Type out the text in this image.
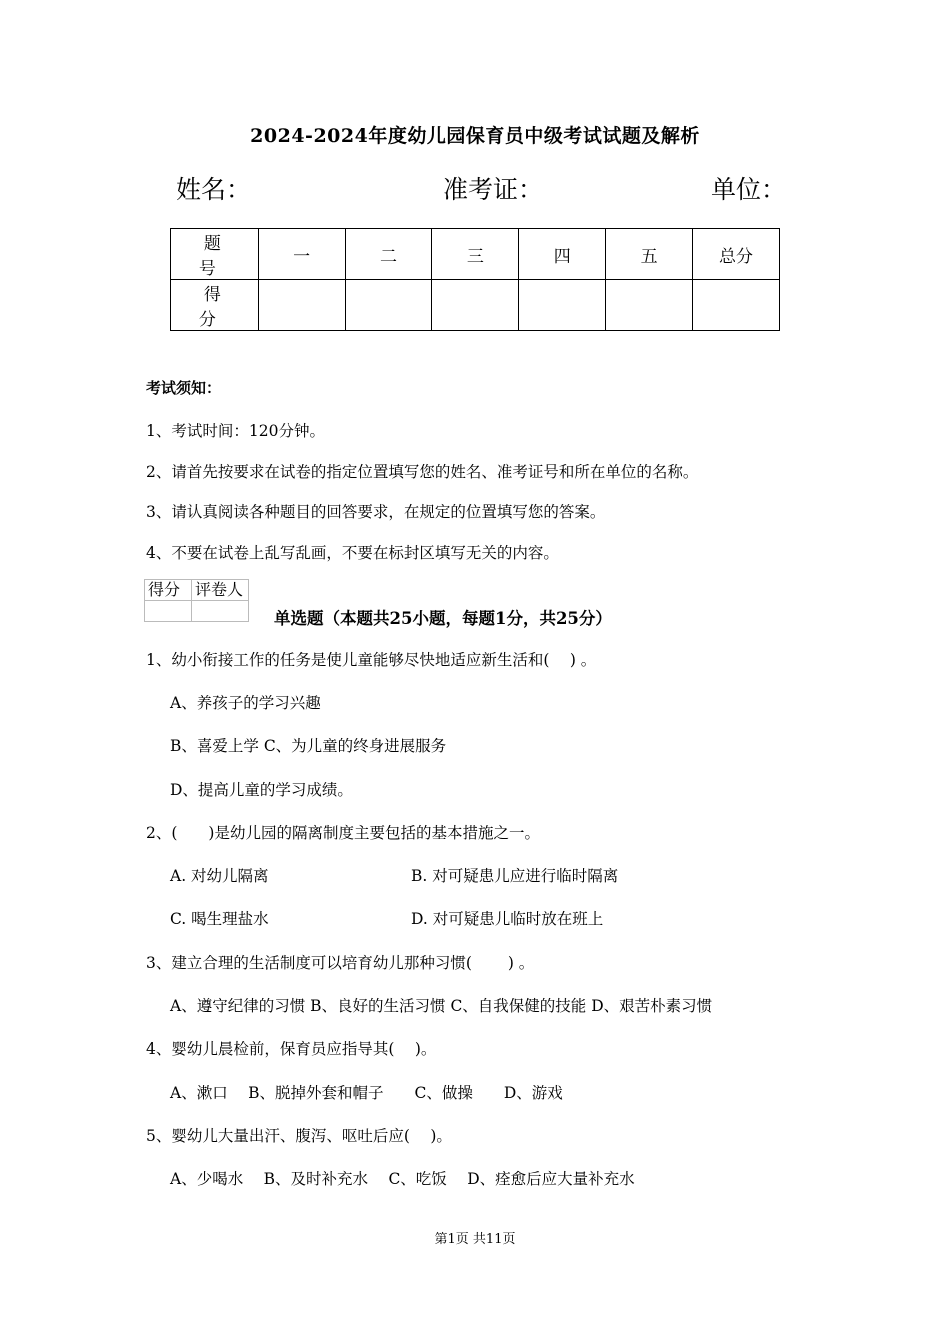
2024-2024年度幼儿园保育员中级考试试题及解析
姓名：	准考证：	单位：
题　号	一	二	三	四	五	总分
得　分						
考试须知：
1、考试时间：120分钟。
2、请首先按要求在试卷的指定位置填写您的姓名、准考证号和所在单位的名称。
3、请认真阅读各种题目的回答要求，在规定的位置填写您的答案。
4、不要在试卷上乱写乱画，不要在标封区填写无关的内容。
得分	评卷人

单选题（本题共25小题，每题1分，共25分）
1、幼小衔接工作的任务是使儿童能够尽快地适应新生活和(　 ) 。
A、养孩子的学习兴趣
B、喜爱上学 C、为儿童的终身进展服务
D、提高儿童的学习成绩。
2、(　　)是幼儿园的隔离制度主要包括的基本措施之一。
A. 对幼儿隔离	B. 对可疑患儿应进行临时隔离
C. 喝生理盐水	D. 对可疑患儿临时放在班上
3、建立合理的生活制度可以培育幼儿那种习惯(　　 ) 。
A、遵守纪律的习惯 B、良好的生活习惯 C、自我保健的技能 D、艰苦朴素习惯
4、婴幼儿晨检前，保育员应指导其(　 )。
A、漱口　 B、脱掉外套和帽子　　C、做操　　D、游戏
5、婴幼儿大量出汗、腹泻、呕吐后应(　 )。
A、少喝水　 B、及时补充水　 C、吃饭　 D、痊愈后应大量补充水
第1页 共11页
